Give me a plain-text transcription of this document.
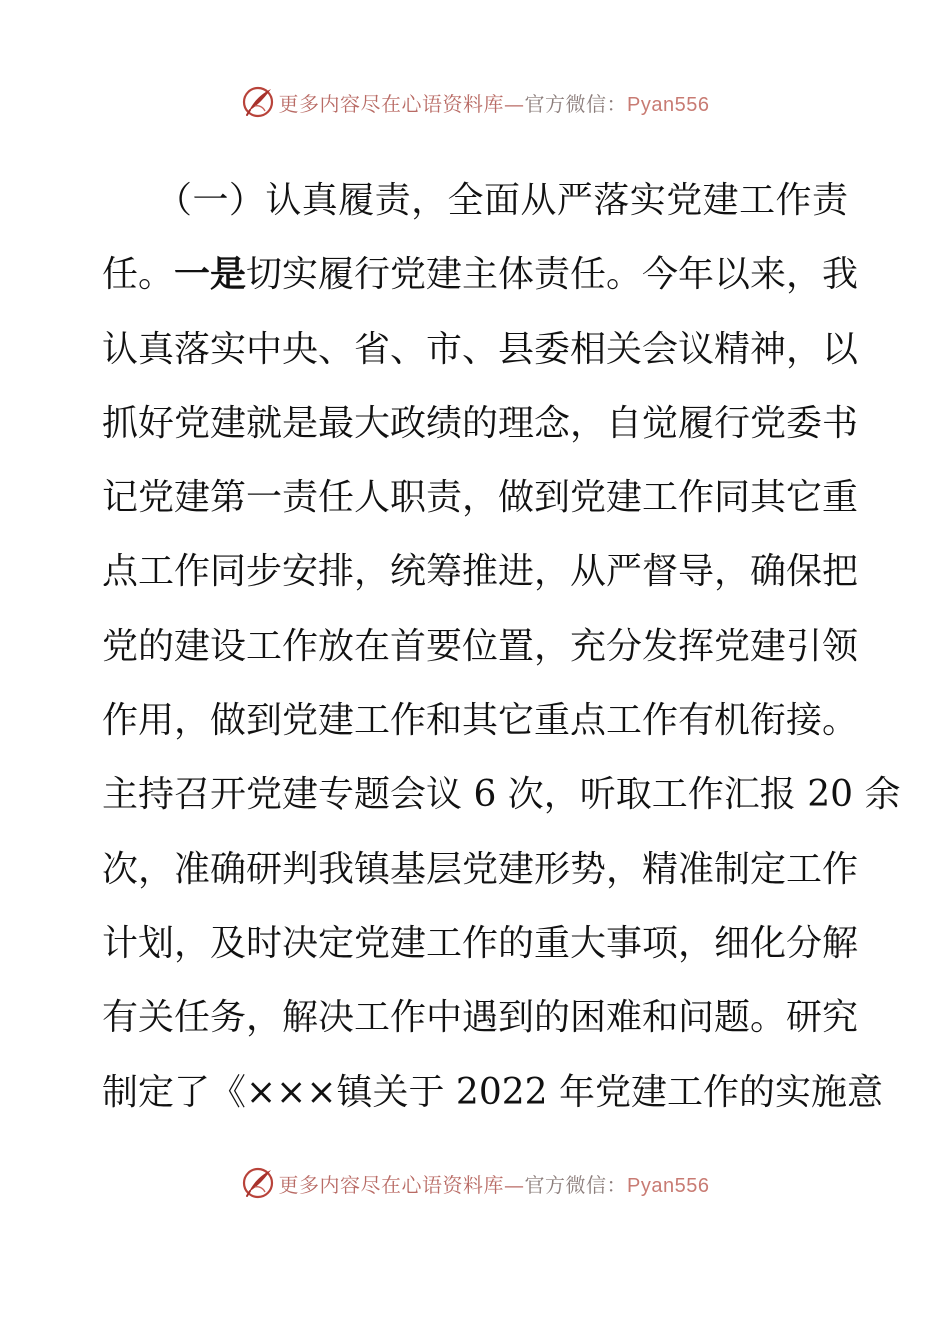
更多内容尽在心语资料库—官方微信：Pyan556
（一）认真履责，全面从严落实党建工作责
任。一是切实履行党建主体责任。今年以来，我
认真落实中央、省、市、县委相关会议精神，以
抓好党建就是最大政绩的理念，自觉履行党委书
记党建第一责任人职责，做到党建工作同其它重
点工作同步安排，统筹推进，从严督导，确保把
党的建设工作放在首要位置，充分发挥党建引领
作用，做到党建工作和其它重点工作有机衔接。
主持召开党建专题会议 6 次，听取工作汇报 20 余
次，准确研判我镇基层党建形势，精准制定工作
计划，及时决定党建工作的重大事项，细化分解
有关任务，解决工作中遇到的困难和问题。研究
制定了《×××镇关于 2022 年党建工作的实施意
更多内容尽在心语资料库—官方微信：Pyan556
